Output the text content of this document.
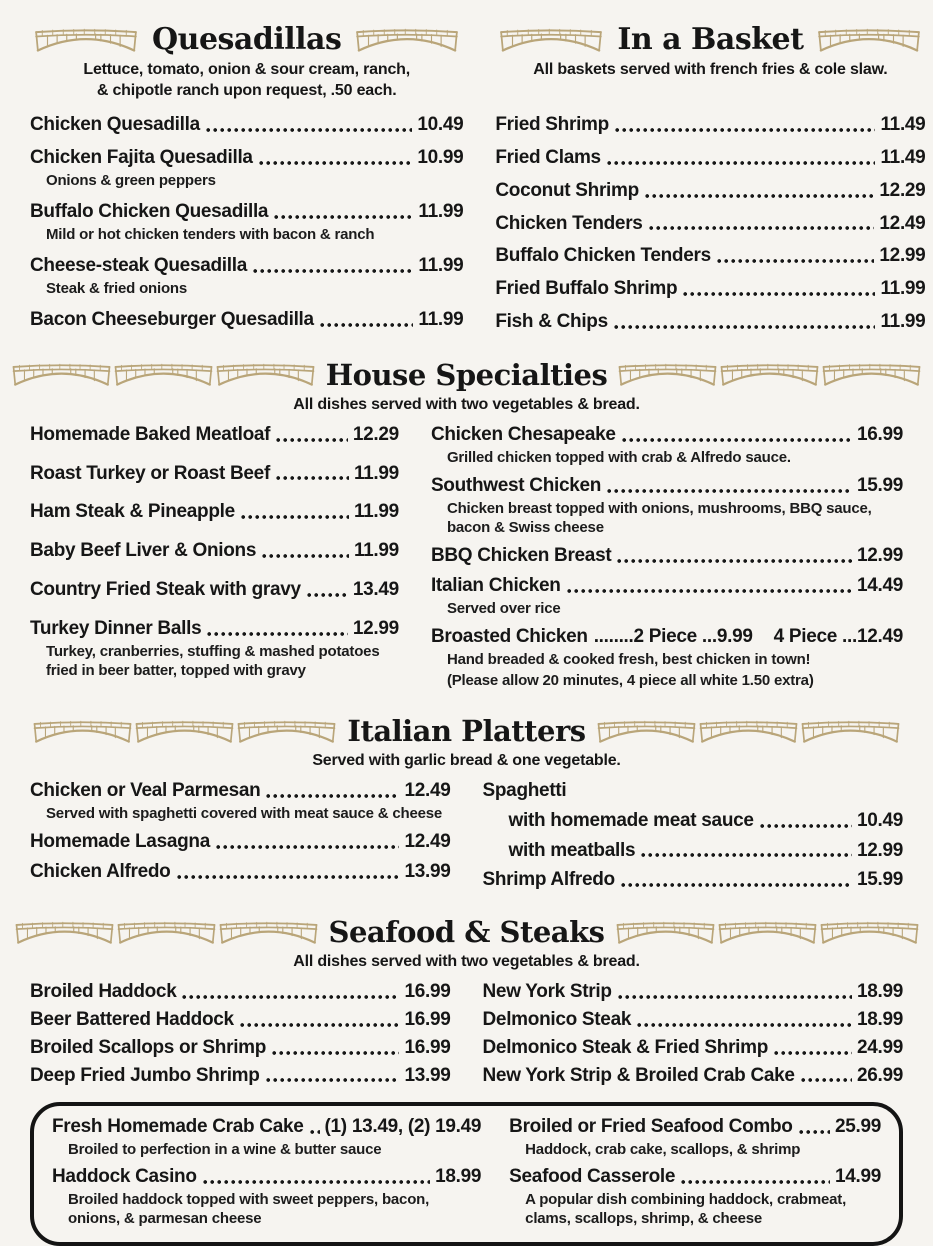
Quesadillas
Lettuce, tomato, onion & sour cream, ranch,
& chipotle ranch upon request, .50 each.
Chicken Quesadilla	10.49
Chicken Fajita Quesadilla	10.99
Onions & green peppers
Buffalo Chicken Quesadilla	11.99
Mild or hot chicken tenders with bacon & ranch
Cheese-steak Quesadilla	11.99
Steak & fried onions
Bacon Cheeseburger Quesadilla	11.99
In a Basket
All baskets served with french fries & cole slaw.
Fried Shrimp	11.49
Fried Clams	11.49
Coconut Shrimp	12.29
Chicken Tenders	12.49
Buffalo Chicken Tenders	12.99
Fried Buffalo Shrimp	11.99
Fish & Chips	11.99
House Specialties
All dishes served with two vegetables & bread.
Homemade Baked Meatloaf	12.29
Roast Turkey or Roast Beef	11.99
Ham Steak & Pineapple	11.99
Baby Beef Liver & Onions	11.99
Country Fried Steak with gravy	13.49
Turkey Dinner Balls	12.99
Turkey, cranberries, stuffing & mashed potatoes fried in beer batter, topped with gravy
Chicken Chesapeake	16.99
Grilled chicken topped with crab & Alfredo sauce.
Southwest Chicken	15.99
Chicken breast topped with onions, mushrooms, BBQ sauce, bacon & Swiss cheese
BBQ Chicken Breast	12.99
Italian Chicken	14.49
Served over rice
Broasted Chicken ........2 Piece ...9.99 4 Piece ...12.49
Hand breaded & cooked fresh, best chicken in town!
(Please allow 20 minutes, 4 piece all white 1.50 extra)
Italian Platters
Served with garlic bread & one vegetable.
Chicken or Veal Parmesan	12.49
Served with spaghetti covered with meat sauce & cheese
Homemade Lasagna	12.49
Chicken Alfredo	13.99
Spaghetti
with homemade meat sauce	10.49
with meatballs	12.99
Shrimp Alfredo	15.99
Seafood & Steaks
All dishes served with two vegetables & bread.
Broiled Haddock	16.99
Beer Battered Haddock	16.99
Broiled Scallops or Shrimp	16.99
Deep Fried Jumbo Shrimp	13.99
New York Strip	18.99
Delmonico Steak	18.99
Delmonico Steak & Fried Shrimp	24.99
New York Strip & Broiled Crab Cake	26.99
Fresh Homemade Crab Cake (1) 13.49, (2) 19.49
Broiled to perfection in a wine & butter sauce
Haddock Casino	18.99
Broiled haddock topped with sweet peppers, bacon, onions, & parmesan cheese
Broiled or Fried Seafood Combo 25.99
Haddock, crab cake, scallops, & shrimp
Seafood Casserole	14.99
A popular dish combining haddock, crabmeat, clams, scallops, shrimp, & cheese
